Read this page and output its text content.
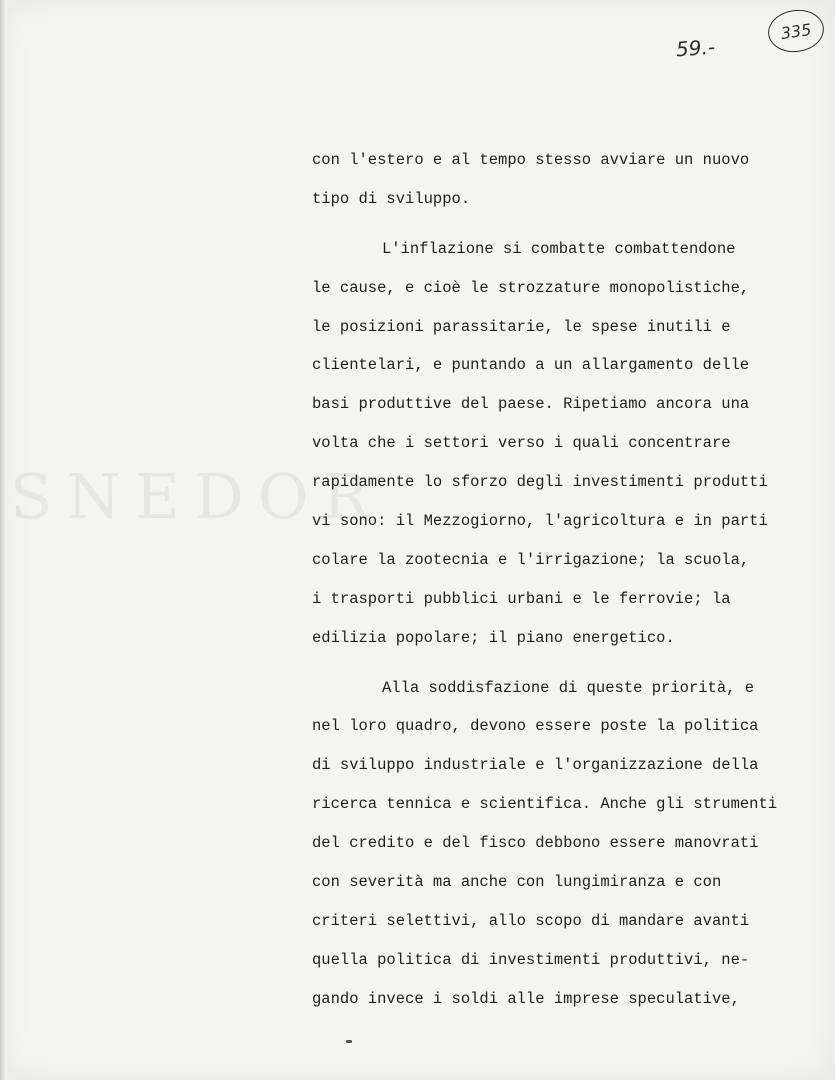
SNEDOR
59.-
335
con l'estero e al tempo stesso avviare un nuovo
tipo di sviluppo.
L'inflazione si combatte combattendone
le cause, e cioè le strozzature monopolistiche,
le posizioni parassitarie, le spese inutili e
clientelari, e puntando a un allargamento delle
basi produttive del paese. Ripetiamo ancora una
volta che i settori verso i quali concentrare
rapidamente lo sforzo degli investimenti produtti
vi sono: il Mezzogiorno, l'agricoltura e in parti
colare la zootecnia e l'irrigazione; la scuola,
i trasporti pubblici urbani e le ferrovie; la
edilizia popolare; il piano energetico.
Alla soddisfazione di queste priorità, e
nel loro quadro, devono essere poste la politica
di sviluppo industriale e l'organizzazione della
ricerca tennica e scientifica. Anche gli strumenti
del credito e del fisco debbono essere manovrati
con severità ma anche con lungimiranza e con
criteri selettivi, allo scopo di mandare avanti
quella politica di investimenti produttivi, ne-
gando invece i soldi alle imprese speculative,
